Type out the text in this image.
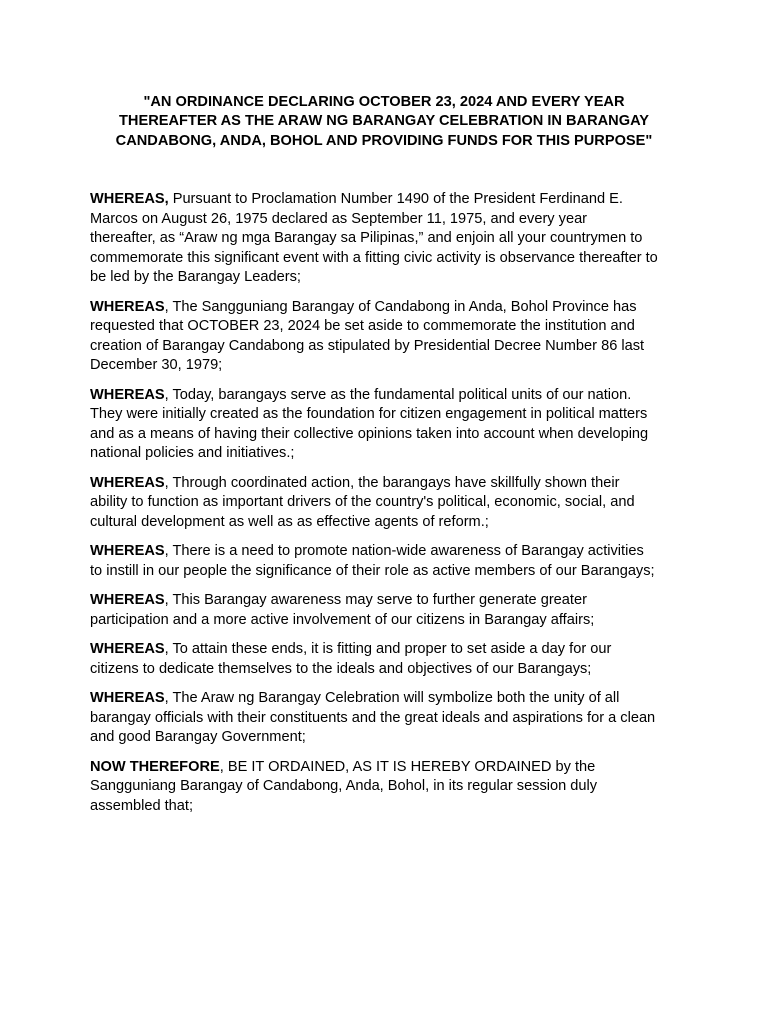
"AN ORDINANCE DECLARING OCTOBER 23, 2024 AND EVERY YEAR
THEREAFTER AS THE ARAW NG BARANGAY CELEBRATION IN BARANGAY
CANDABONG, ANDA, BOHOL AND PROVIDING FUNDS FOR THIS PURPOSE"

WHEREAS, Pursuant to Proclamation Number 1490 of the President Ferdinand E.
Marcos on August 26, 1975 declared as September 11, 1975, and every year
thereafter, as “Araw ng mga Barangay sa Pilipinas,” and enjoin all your countrymen to
commemorate this significant event with a fitting civic activity is observance thereafter to
be led by the Barangay Leaders;

WHEREAS, The Sangguniang Barangay of Candabong in Anda, Bohol Province has
requested that OCTOBER 23, 2024 be set aside to commemorate the institution and
creation of Barangay Candabong as stipulated by Presidential Decree Number 86 last
December 30, 1979;

WHEREAS, Today, barangays serve as the fundamental political units of our nation.
They were initially created as the foundation for citizen engagement in political matters
and as a means of having their collective opinions taken into account when developing
national policies and initiatives.;

WHEREAS, Through coordinated action, the barangays have skillfully shown their
ability to function as important drivers of the country's political, economic, social, and
cultural development as well as as effective agents of reform.;

WHEREAS, There is a need to promote nation-wide awareness of Barangay activities
to instill in our people the significance of their role as active members of our Barangays;

WHEREAS, This Barangay awareness may serve to further generate greater
participation and a more active involvement of our citizens in Barangay affairs;

WHEREAS, To attain these ends, it is fitting and proper to set aside a day for our
citizens to dedicate themselves to the ideals and objectives of our Barangays;

WHEREAS, The Araw ng Barangay Celebration will symbolize both the unity of all
barangay officials with their constituents and the great ideals and aspirations for a clean
and good Barangay Government;

NOW THEREFORE, BE IT ORDAINED, AS IT IS HEREBY ORDAINED by the
Sangguniang Barangay of Candabong, Anda, Bohol, in its regular session duly
assembled that;
